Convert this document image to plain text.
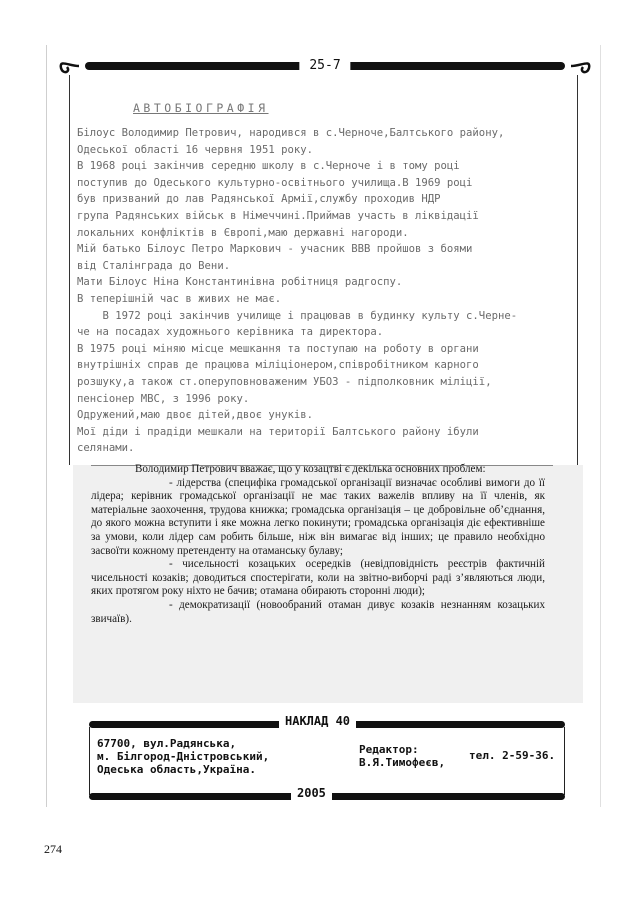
25-7
АВТОБІОГРАФІЯ
Білоус Володимир Петрович, народився в с.Черноче,Балтського району,
Одеської області 16 червня 1951 року.
В 1968 році закінчив середню школу в с.Черноче і в тому році
поступив до Одеського культурно-освітнього училища.В 1969 році
був призваний до лав Радянської Армії,службу проходив НДР
група Радянських військ в Німеччині.Приймав участь в ліквідації
локальних конфліктів в Європі,маю державні нагороди.
Мій батько Білоус Петро Маркович - учасник ВВВ пройшов з боями
від Сталінграда до Вени.
Мати Білоус Ніна Константинівна робітниця радгоспу.
В теперішній час в живих не має.
В 1972 році закінчив училище і працював в будинку культу с.Черне-
че на посадах художнього керівника та директора.
В 1975 році міняю місце мешкання та поступаю на роботу в органи
внутрішніх справ де працюва міліціонером,співробітником карного
розшуку,а також ст.оперуповноваженим УБОЗ - підполковник міліції,
пенсіонер МВС, з 1996 року.
Одружений,маю двоє дітей,двоє унуків.
Мої діди і прадіди мешкали на території Балтського району ібули
селянами.

Володимир Петрович вважає, що у козацтві є декілька основних проблем:

- лідерства (специфіка громадської організації визначає особливі вимоги до її лідера; керівник громадської організації не має таких важелів впливу на її членів, як матеріальне заохочення, трудова книжка; громадська організація – це добровільне об’єднання, до якого можна вступити і яке можна легко покинути; громадська організація діє ефективніше за умови, коли лідер сам робить більше, ніж він вимагає від інших; це правило необхідно засвоїти кожному претенденту на отаманську булаву;

- чисельності козацьких осередків (невідповідність реєстрів фактичній чисельності козаків; доводиться спостерігати, коли на звітно-виборчі раді з’являються люди, яких протягом року ніхто не бачив; отамана обирають сторонні люди);

- демократизації (новообраний отаман дивує козаків незнанням козацьких звичаїв).

НАКЛАД 40
67700, вул.Радянська,
м. Білгород-Дністровський,
Одеська область,Україна.
Редактор:
В.Я.Тимофеєв,
тел. 2-59-36.
2005
274
